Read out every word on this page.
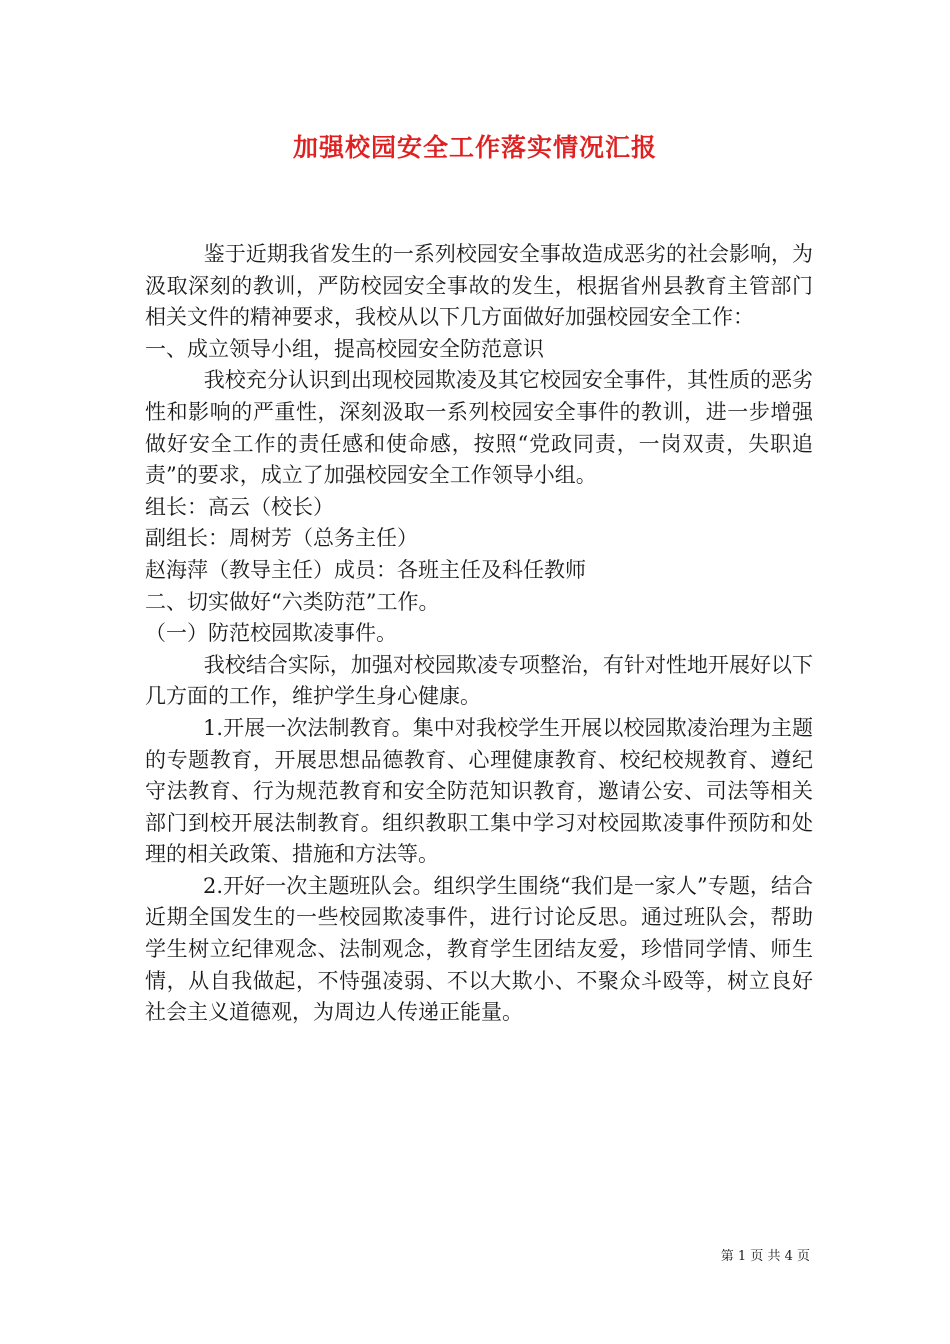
加强校园安全工作落实情况汇报

鉴于近期我省发生的一系列校园安全事故造成恶劣的社会影响，为汲取深刻的教训，严防校园安全事故的发生，根据省州县教育主管部门相关文件的精神要求，我校从以下几方面做好加强校园安全工作：

一、成立领导小组，提高校园安全防范意识

我校充分认识到出现校园欺凌及其它校园安全事件，其性质的恶劣性和影响的严重性，深刻汲取一系列校园安全事件的教训，进一步增强做好安全工作的责任感和使命感，按照“党政同责，一岗双责，失职追责”的要求，成立了加强校园安全工作领导小组。

组长：高云（校长）

副组长：周树芳（总务主任）

赵海萍（教导主任）成员：各班主任及科任教师

二、切实做好“六类防范”工作。

（一）防范校园欺凌事件。

我校结合实际，加强对校园欺凌专项整治，有针对性地开展好以下几方面的工作，维护学生身心健康。

1.开展一次法制教育。集中对我校学生开展以校园欺凌治理为主题的专题教育，开展思想品德教育、心理健康教育、校纪校规教育、遵纪守法教育、行为规范教育和安全防范知识教育，邀请公安、司法等相关部门到校开展法制教育。组织教职工集中学习对校园欺凌事件预防和处理的相关政策、措施和方法等。

2.开好一次主题班队会。组织学生围绕“我们是一家人”专题，结合近期全国发生的一些校园欺凌事件，进行讨论反思。通过班队会，帮助学生树立纪律观念、法制观念，教育学生团结友爱，珍惜同学情、师生情，从自我做起，不恃强凌弱、不以大欺小、不聚众斗殴等，树立良好社会主义道德观，为周边人传递正能量。

第 1 页 共 4 页
